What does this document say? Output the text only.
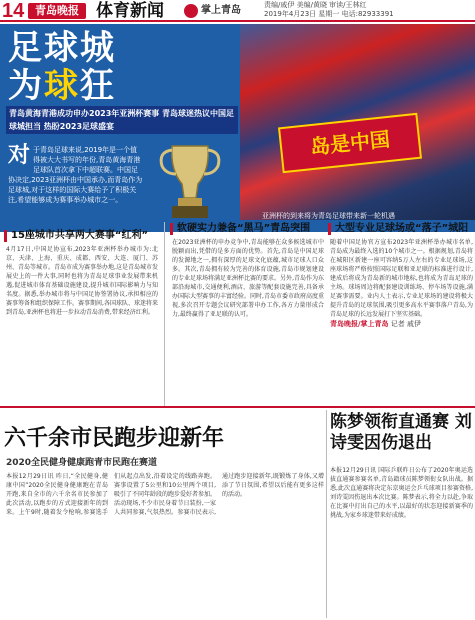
14 青岛晚报	体育新闻	掌上青岛	责编/戚伊 美编/黄晓 审读/王林红
2019年4月23日 星期一 电话:82933391
岛是中国
足球城
为球狂
青岛黄海青港成功申办2023年亚洲杯赛事 青岛球迷热议中国足球城担当 热盼2023足球盛宴
对 于青岛足球来说,2019年是一个值得被大大书写的年份,青岛黄海青港足球队首次拿下中超联赛。中国足协决定,2023亚洲杯由中国承办,而青岛作为足球城,对于这样的国际大赛给予了积极关注,希望能够成为赛事举办城市之一。
亚洲杯的到来将为青岛足球带来新一轮机遇
15座城市共享两大赛事“红利”
4月17日,中国足协宣布,2023年亚洲杯举办城市为:北京、天津、上海、重庆、成都、西安、大连、厦门、苏州、青岛等城市。青岛市成为赛事举办地,这是青岛城市发展史上的一件大事,同时也将为青岛足球事业发展带来机遇,促进城市体育基础设施建设,提升城市国际影响力与知名度。据悉,举办城市将与中国足协签署协议,承担相应的赛事筹备和组织保障工作。赛事期间,各国球队、球迷将来到青岛,亚洲杯也将进一步拉动青岛消费,带来经济红利。
软硬实力兼备“黑马”青岛突围
在2023亚洲杯的申办竞争中,青岛能够在众多候选城市中脱颖而出,凭借的是多方面的优势。首先,青岛是中国足球的发源地之一,拥有深厚的足球文化底蕴,城市足球人口众多。其次,青岛拥有较为完善的体育设施,青岛市规划建设的专业足球场将满足亚洲杯比赛的要求。另外,青岛作为东部沿海城市,交通便利,酒店、旅游等配套设施完善,具备承办国际大型赛事的丰富经验。同时,青岛市委市政府高度重视,多次召开专题会议研究部署申办工作,各方力量形成合力,最终赢得了亚足联的认可。
大型专业足球场或“落子”城阳
随着中国足协官方宣布2023年亚洲杯举办城市名单,青岛成为最终入选的10个城市之一。根据规划,青岛将在城阳区新建一座可容纳5万人左右的专业足球场,这座球场将严格按照国际足联和亚足联的标准进行设计,建成后将成为青岛新的城市地标,也将成为青岛足球的主场。球场周边将配套建设训练场、停车场等设施,满足赛事需要。业内人士表示,专业足球场的建设将极大提升青岛的足球氛围,吸引更多高水平赛事落户青岛,为青岛足球的长远发展打下坚实基础。
青岛晚报/掌上青岛 记者 戚伊
六千余市民跑步迎新年
2020全民健身健康跑青市民跑在赛道
本报12月29日讯 昨日,“全民健身,健康中国”2020全民健身健康跑在青岛开跑,来自全市的六千余名市民参加了此次活动,以跑步的方式迎接新年的到来。上午9时,随着发令枪响,参赛选手们从起点出发,沿着设定的线路奔跑。赛事设置了5公里和10公里两个项目,吸引了不同年龄段的跑步爱好者参加。活动现场,不少市民身着节日装扮,一家人共同参赛,气氛热烈。参赛市民表示,通过跑步迎接新年,既锻炼了身体,又增添了节日氛围,希望以后能有更多这样的活动。
陈梦领衔直通赛 刘诗雯因伤退出
本报12月29日讯 国际乒联昨日公布了2020年奥运选拔直通赛参赛名单,青岛籍球员陈梦领衔女队出战。据悉,此次直通赛将决定东京奥运会乒乓球项目参赛资格,刘诗雯因伤退出本次比赛。陈梦表示,将全力以赴,争取在比赛中打出自己的水平,以最好的状态迎接新赛季的挑战,为家乡球迷带来好成绩。
